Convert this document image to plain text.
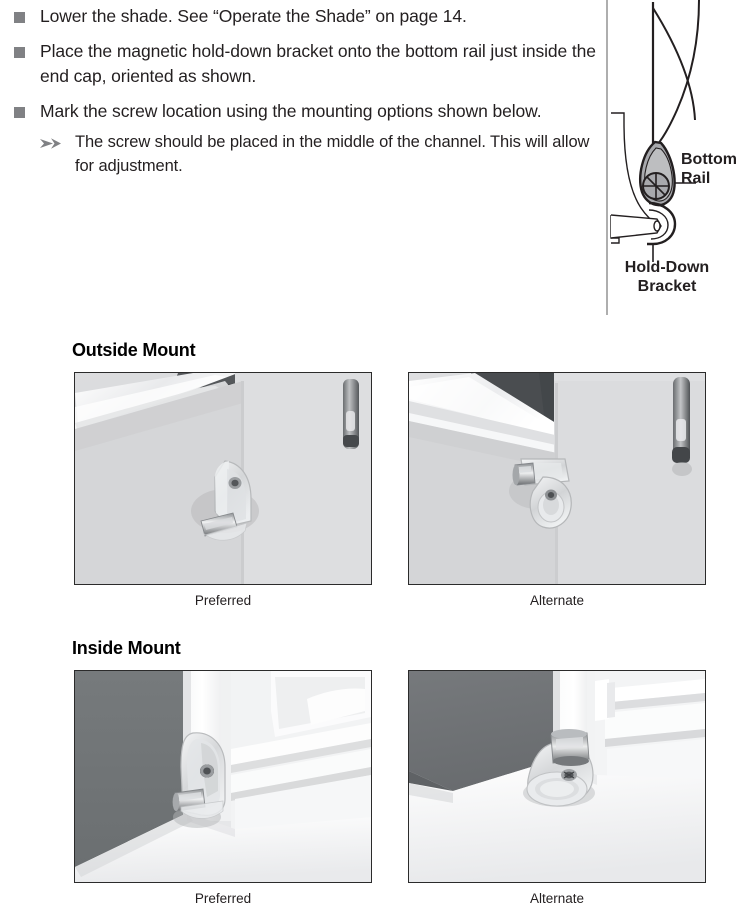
Lower the shade. See “Operate the Shade” on page 14.
Place the magnetic hold-down bracket onto the bottom rail just inside the end cap, oriented as shown.
Mark the screw location using the mounting options shown below.
The screw should be placed in the middle of the channel. This will allow for adjustment.	Bottom
Rail
Hold-Down
Bracket
Outside Mount
Preferred	Alternate
Inside Mount
Preferred	Alternate
